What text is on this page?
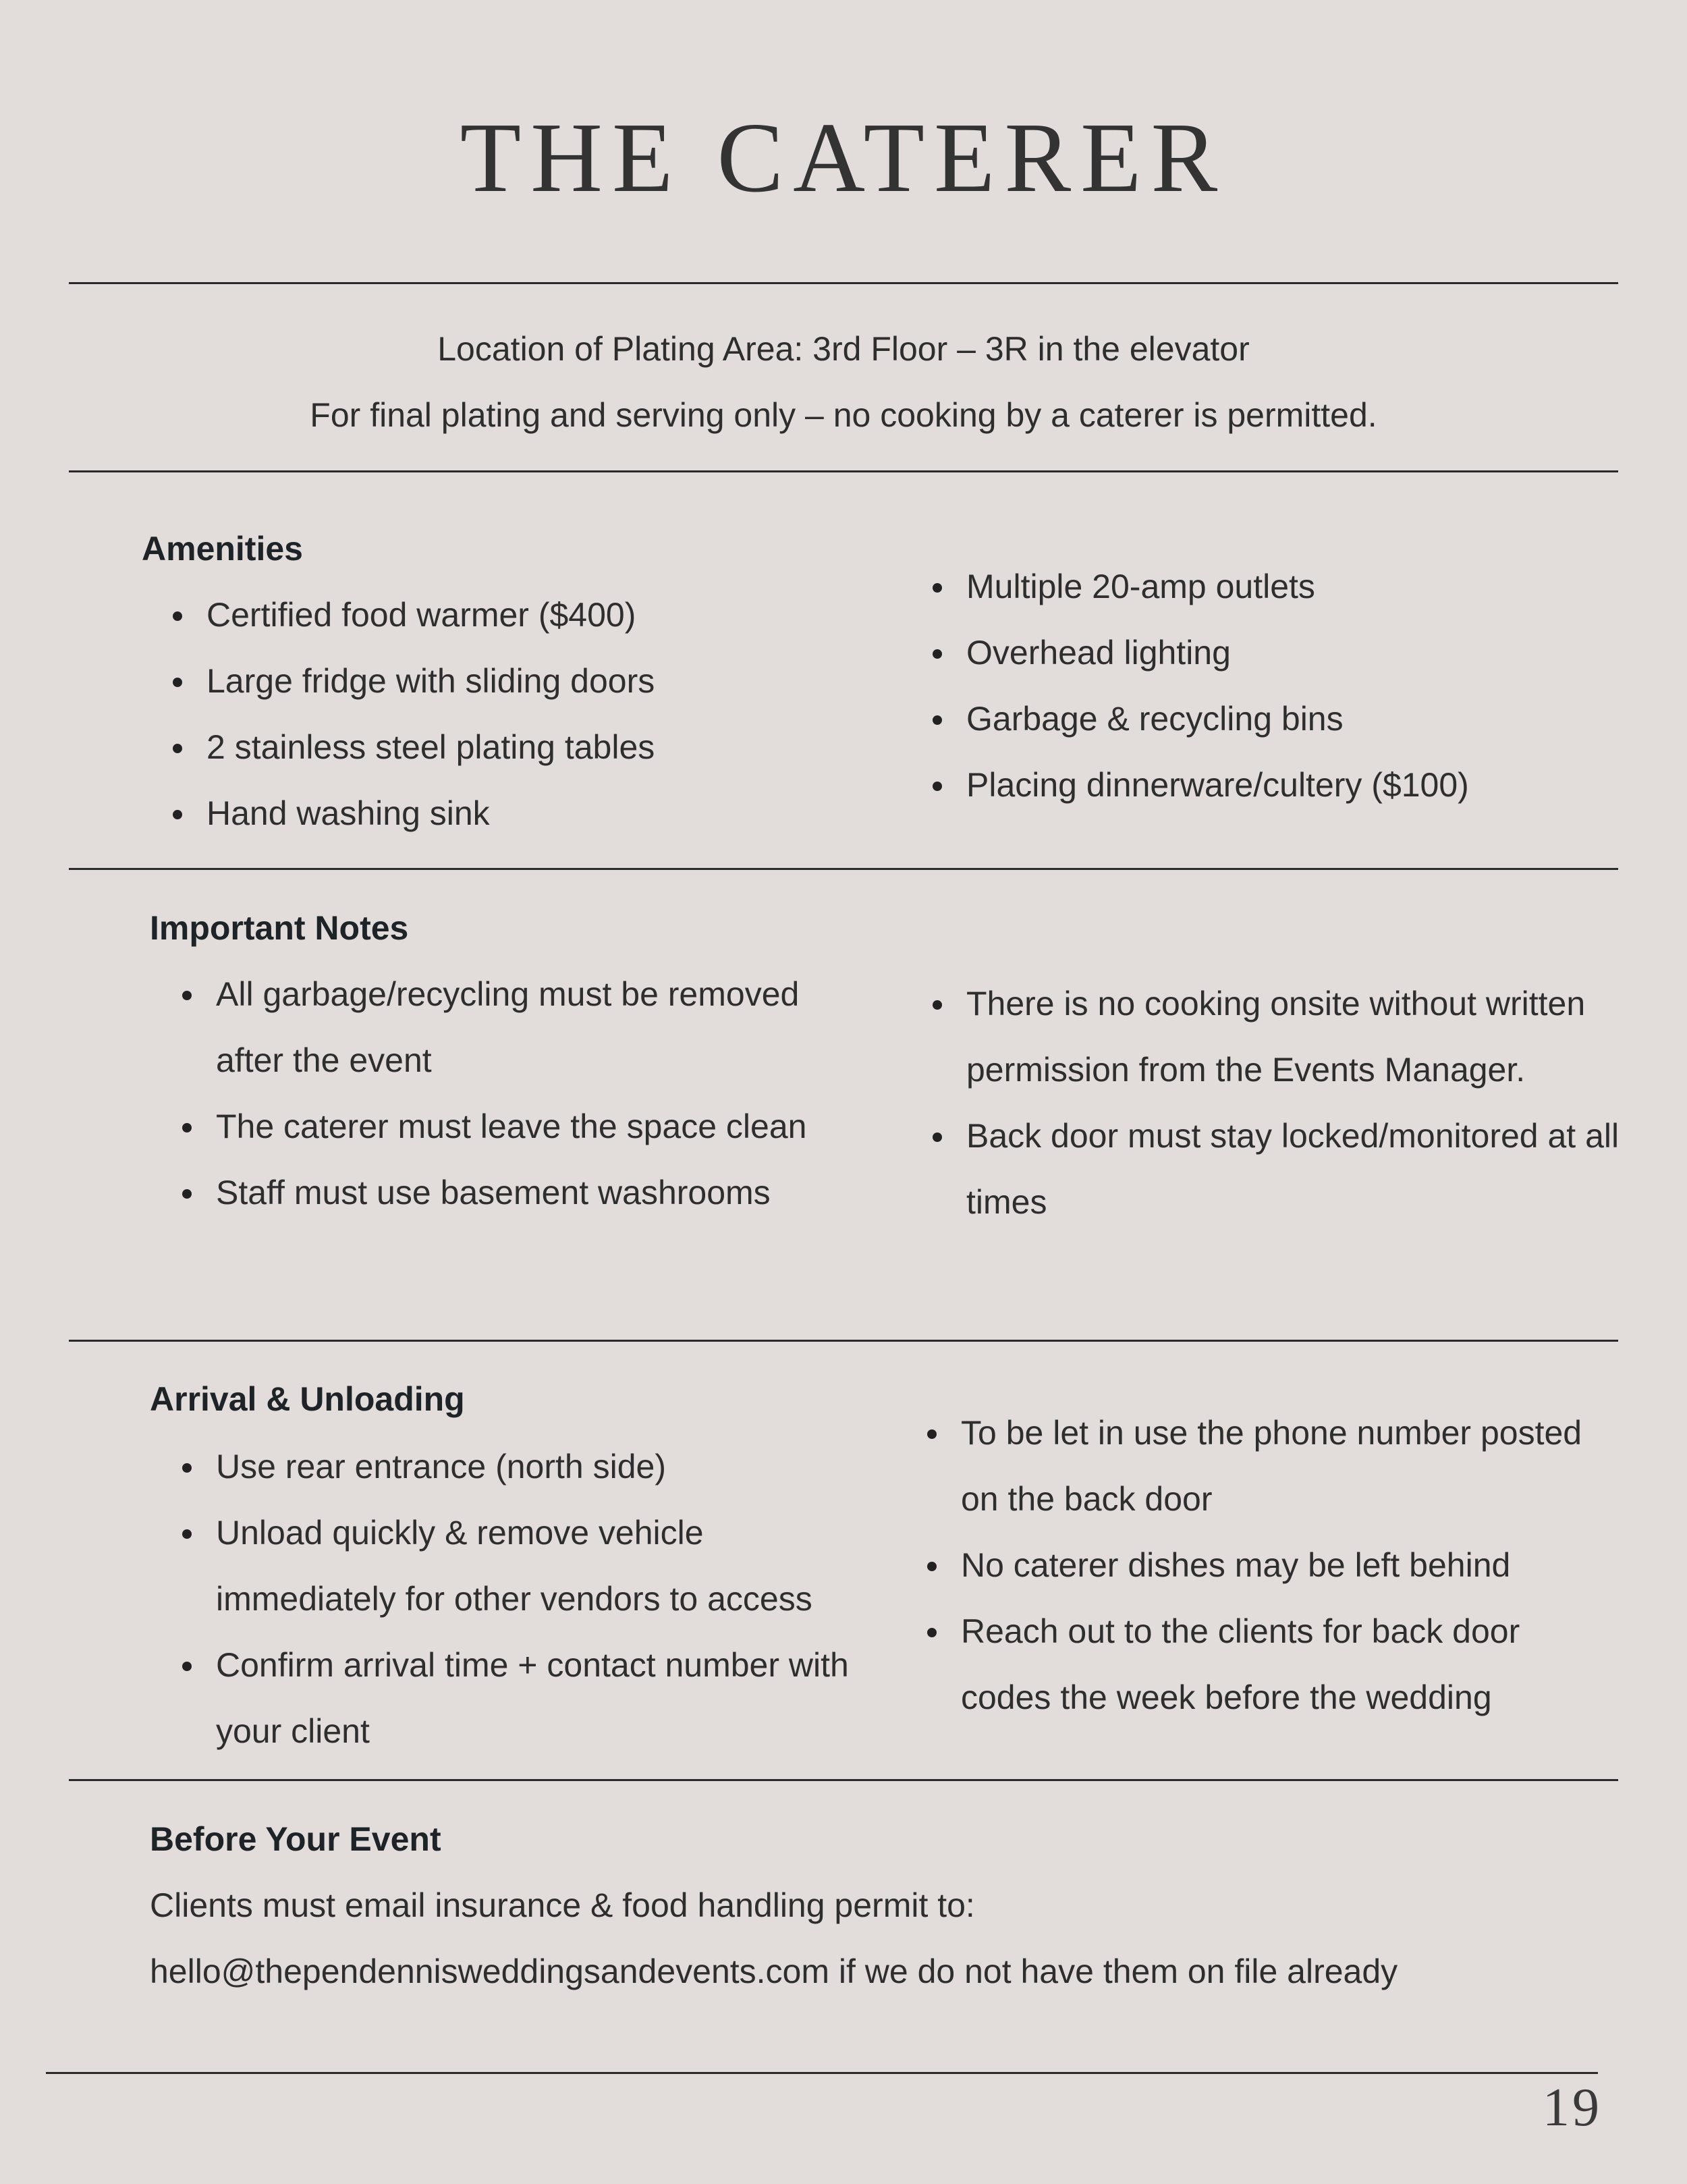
THE CATERER
Location of Plating Area: 3rd Floor – 3R in the elevator
For final plating and serving only – no cooking by a caterer is permitted.
Amenities
Certified food warmer ($400)
Large fridge with sliding doors
2 stainless steel plating tables
Hand washing sink
Multiple 20-amp outlets
Overhead lighting
Garbage & recycling bins
Placing dinnerware/cultery ($100)
Important Notes
All garbage/recycling must be removed after the event
The caterer must leave the space clean
Staff must use basement washrooms
There is no cooking onsite without written permission from the Events Manager.
Back door must stay locked/monitored at all times
Arrival & Unloading
Use rear entrance (north side)
Unload quickly & remove vehicle immediately for other vendors to access
Confirm arrival time + contact number with your client
To be let in use the phone number posted on the back door
No caterer dishes may be left behind
Reach out to the clients for back door codes the week before the wedding
Before Your Event
Clients must email insurance & food handling permit to:
hello@thependennisweddingsandevents.com if we do not have them on file already
19
